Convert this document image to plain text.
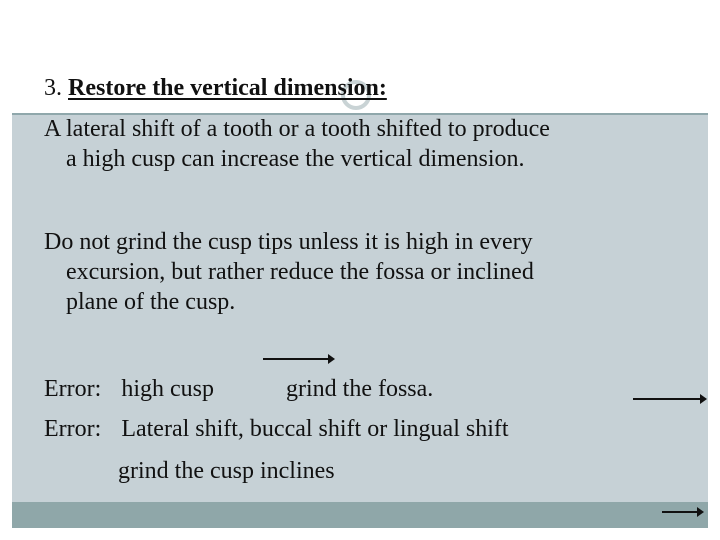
3. Restore the vertical dimension:
A lateral shift of a tooth or a tooth shifted to produce
a high cusp can increase the vertical dimension.
Do not grind the cusp tips unless it is high in every
excursion, but rather reduce the fossa or inclined
plane of the cusp.
Error: high cusp	grind the fossa.
Error: Lateral shift, buccal shift or lingual shift
grind the cusp inclines
